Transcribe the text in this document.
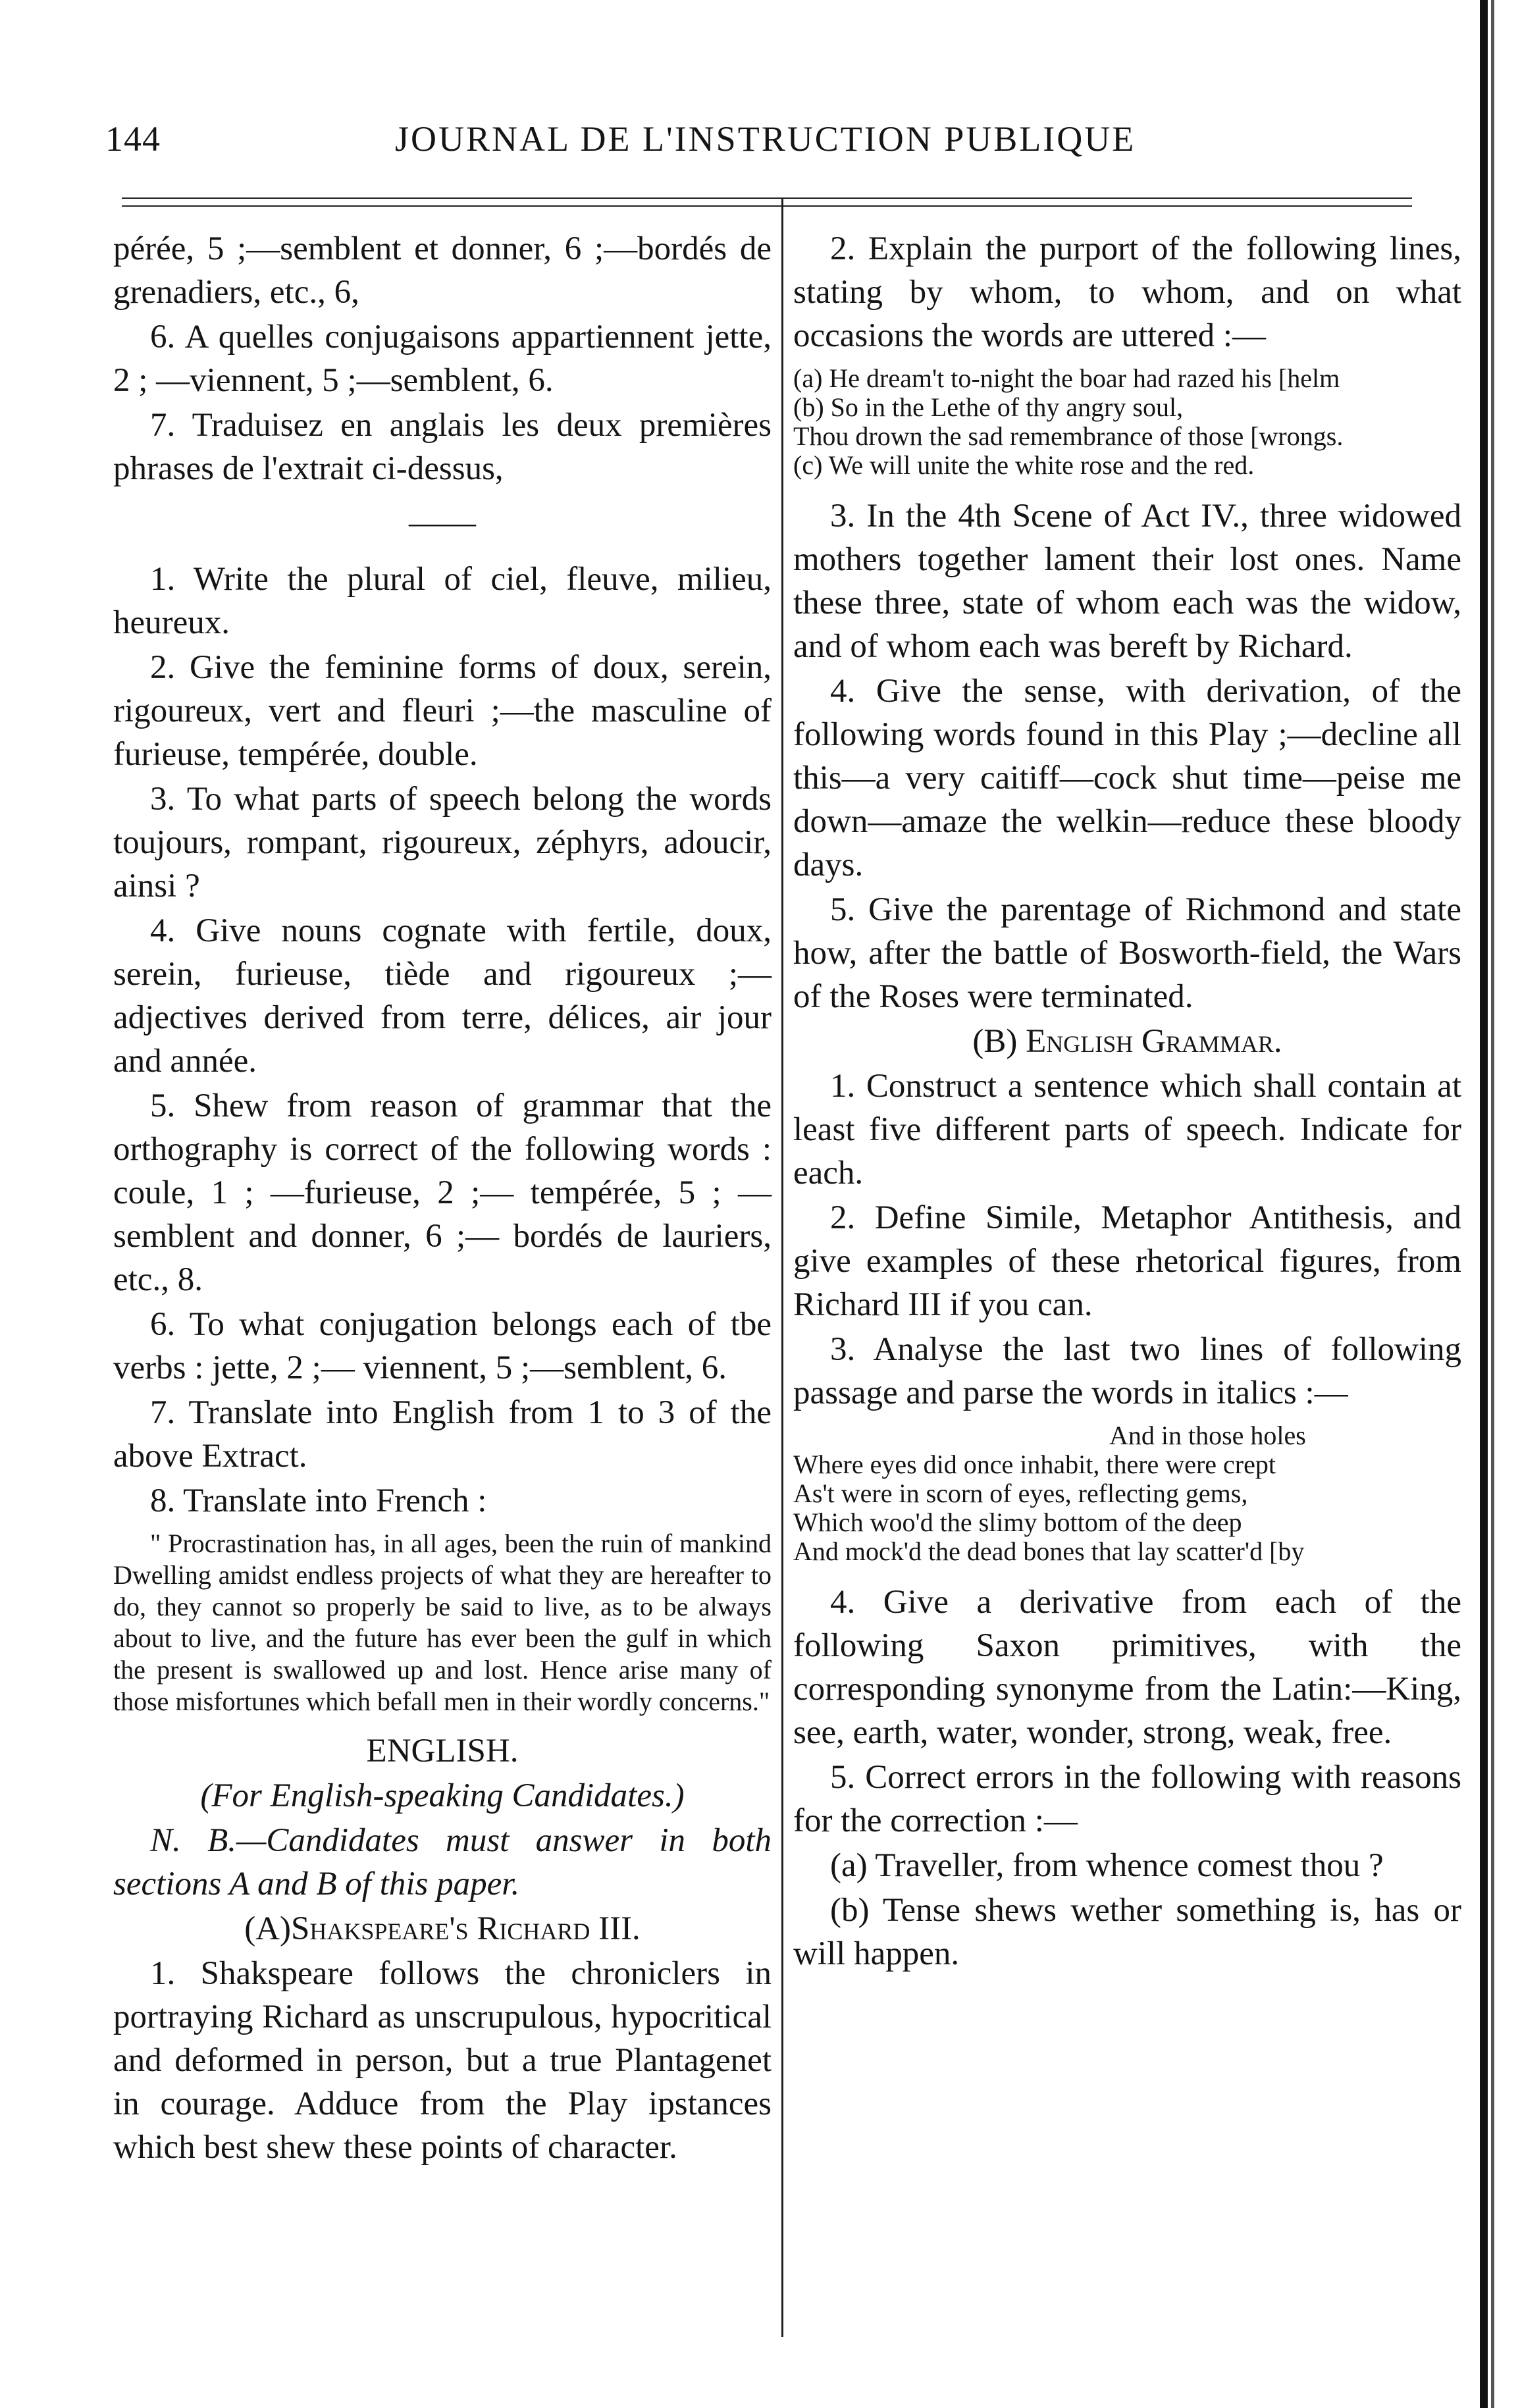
144	JOURNAL DE L'INSTRUCTION PUBLIQUE

pérée, 5 ;—semblent et donner, 6 ;—bordés de grenadiers, etc., 6,

6. A quelles conjugaisons appartiennent jette, 2 ; —viennent, 5 ;—semblent, 6.

7. Traduisez en anglais les deux premières phrases de l'extrait ci-dessus,

——

1. Write the plural of ciel, fleuve, milieu, heureux.

2. Give the feminine forms of doux, serein, rigoureux, vert and fleuri ;—the masculine of furieuse, tempérée, double.

3. To what parts of speech belong the words toujours, rompant, rigoureux, zéphyrs, adoucir, ainsi ?

4. Give nouns cognate with fertile, doux, serein, furieuse, tiède and rigoureux ;—adjectives derived from terre, délices, air jour and année.

5. Shew from reason of grammar that the orthography is correct of the following words : coule, 1 ; —furieuse, 2 ;— tempérée, 5 ; —semblent and donner, 6 ;— bordés de lauriers, etc., 8.

6. To what conjugation belongs each of tbe verbs : jette, 2 ;— viennent, 5 ;—semblent, 6.

7. Translate into English from 1 to 3 of the above Extract.

8. Translate into French :

" Procrastination has, in all ages, been the ruin of mankind Dwelling amidst endless projects of what they are hereafter to do, they cannot so properly be said to live, as to be always about to live, and the future has ever been the gulf in which the present is swallowed up and lost. Hence arise many of those misfortunes which befall men in their wordly concerns."

ENGLISH.

(For English-speaking Candidates.)

N. B.—Candidates must answer in both sections A and B of this paper.

(A)Shakspeare's Richard III.

1. Shakspeare follows the chroniclers in portraying Richard as unscrupulous, hypocritical and deformed in person, but a true Plantagenet in courage. Adduce from the Play ipstances which best shew these points of character.

2. Explain the purport of the following lines, stating by whom, to whom, and on what occasions the words are uttered :—

(a) He dream't to-night the boar had razed his [helm
(b) So in the Lethe of thy angry soul,
Thou drown the sad remembrance of those [wrongs.
(c) We will unite the white rose and the red.

3. In the 4th Scene of Act IV., three widowed mothers together lament their lost ones. Name these three, state of whom each was the widow, and of whom each was bereft by Richard.

4. Give the sense, with derivation, of the following words found in this Play ;—decline all this—a very caitiff—cock shut time—peise me down—amaze the welkin—reduce these bloody days.

5. Give the parentage of Richmond and state how, after the battle of Bosworth-field, the Wars of the Roses were terminated.

(B) English Grammar.

1. Construct a sentence which shall contain at least five different parts of speech. Indicate for each.

2. Define Simile, Metaphor Antithesis, and give examples of these rhetorical figures, from Richard III if you can.

3. Analyse the last two lines of following passage and parse the words in italics :—

And in those holes
Where eyes did once inhabit, there were crept
As't were in scorn of eyes, reflecting gems,
Which woo'd the slimy bottom of the deep
And mock'd the dead bones that lay scatter'd [by

4. Give a derivative from each of the following Saxon primitives, with the corresponding synonyme from the Latin:—King, see, earth, water, wonder, strong, weak, free.

5. Correct errors in the following with reasons for the correction :—

(a) Traveller, from whence comest thou ?

(b) Tense shews wether something is, has or will happen.
